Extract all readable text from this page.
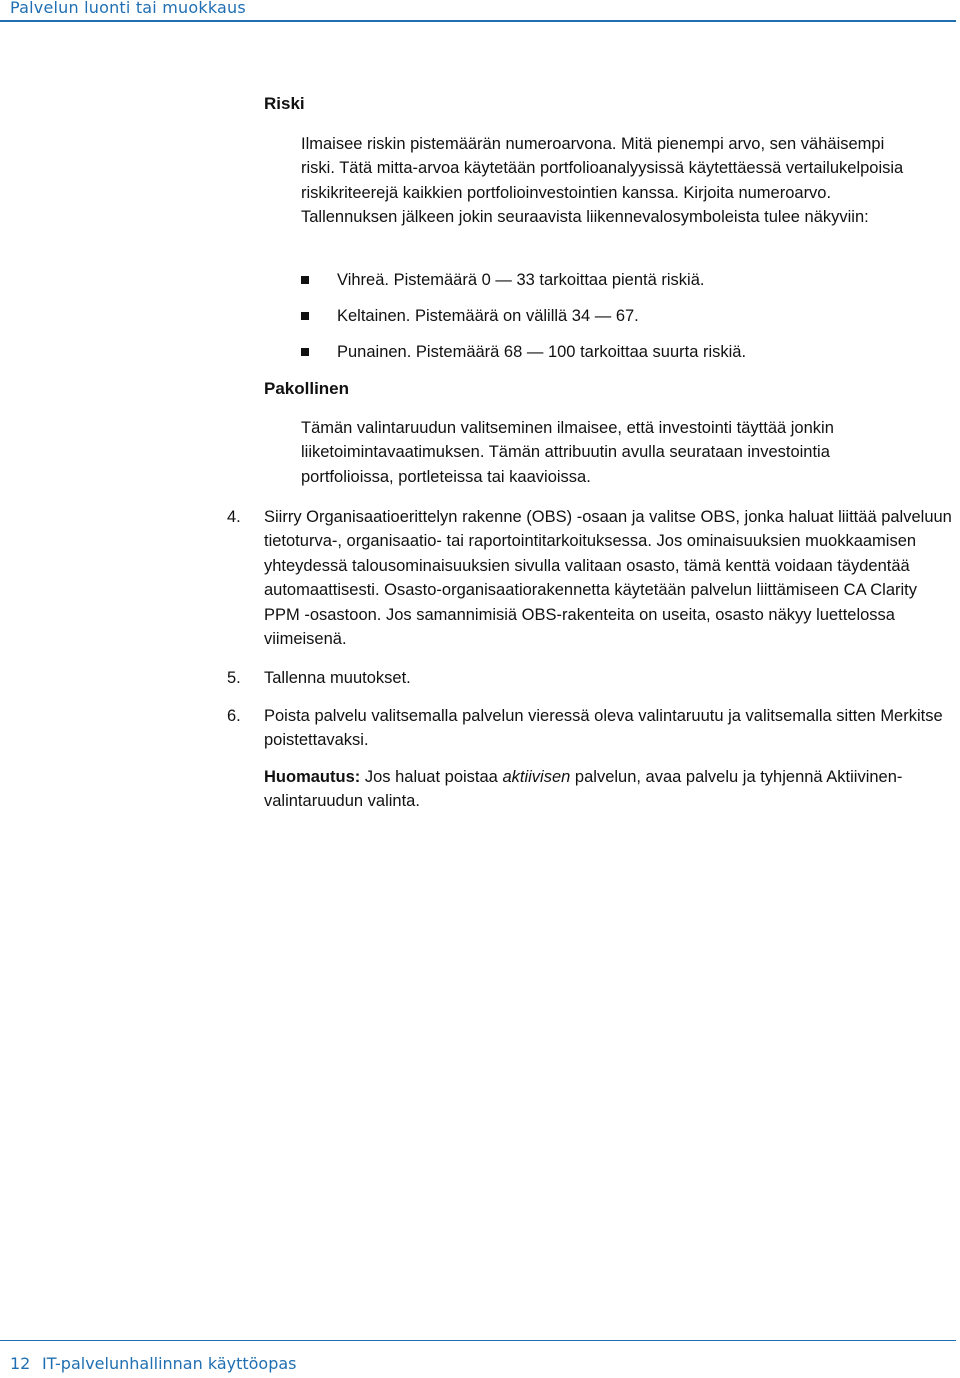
Palvelun luonti tai muokkaus
Riski
Ilmaisee riskin pistemäärän numeroarvona. Mitä pienempi arvo, sen vähäisempi riski. Tätä mitta-arvoa käytetään portfolioanalyysissä käytettäessä vertailukelpoisia riskikriteerejä kaikkien portfolioinvestointien kanssa. Kirjoita numeroarvo. Tallennuksen jälkeen jokin seuraavista liikennevalosymboleista tulee näkyviin:
Vihreä. Pistemäärä 0 — 33 tarkoittaa pientä riskiä.
Keltainen. Pistemäärä on välillä 34 — 67.
Punainen. Pistemäärä 68 — 100 tarkoittaa suurta riskiä.
Pakollinen
Tämän valintaruudun valitseminen ilmaisee, että investointi täyttää jonkin liiketoimintavaatimuksen. Tämän attribuutin avulla seurataan investointia portfolioissa, portleteissa tai kaavioissa.
4. Siirry Organisaatioerittelyn rakenne (OBS) -osaan ja valitse OBS, jonka haluat liittää palveluun tietoturva-, organisaatio- tai raportointitarkoituksessa. Jos ominaisuuksien muokkaamisen yhteydessä talousominaisuuksien sivulla valitaan osasto, tämä kenttä voidaan täydentää automaattisesti. Osasto-organisaatiorakennetta käytetään palvelun liittämiseen CA Clarity PPM -osastoon. Jos samannimisiä OBS-rakenteita on useita, osasto näkyy luettelossa viimeisenä.
5. Tallenna muutokset.
6. Poista palvelu valitsemalla palvelun vieressä oleva valintaruutu ja valitsemalla sitten Merkitse poistettavaksi.
Huomautus: Jos haluat poistaa aktiivisen palvelun, avaa palvelu ja tyhjennä Aktiivinen-valintaruudun valinta.
12 IT-palvelunhallinnan käyttöopas
